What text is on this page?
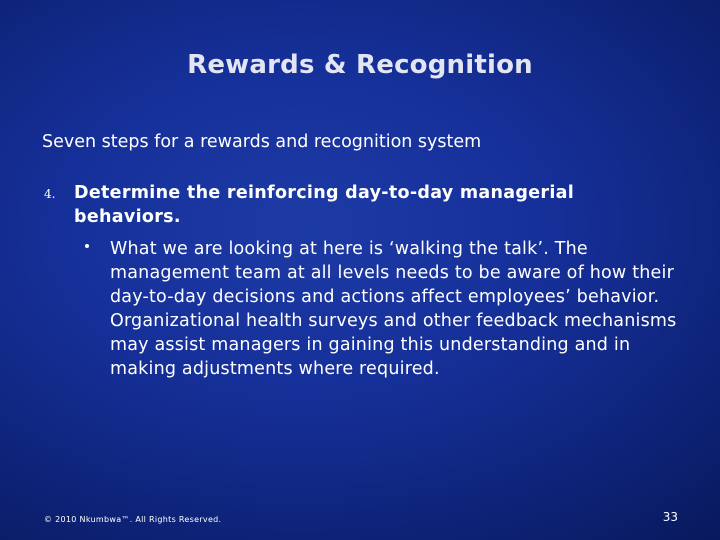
Rewards & Recognition
Seven steps for a rewards and recognition system
4. Determine the reinforcing day-to-day managerial behaviors.
What we are looking at here is ‘walking the talk’. The management team at all levels needs to be aware of how their day-to-day decisions and actions affect employees’ behavior. Organizational health surveys and other feedback mechanisms may assist managers in gaining this understanding and in making adjustments where required.
© 2010 Nkumbwa™. All Rights Reserved.	33
